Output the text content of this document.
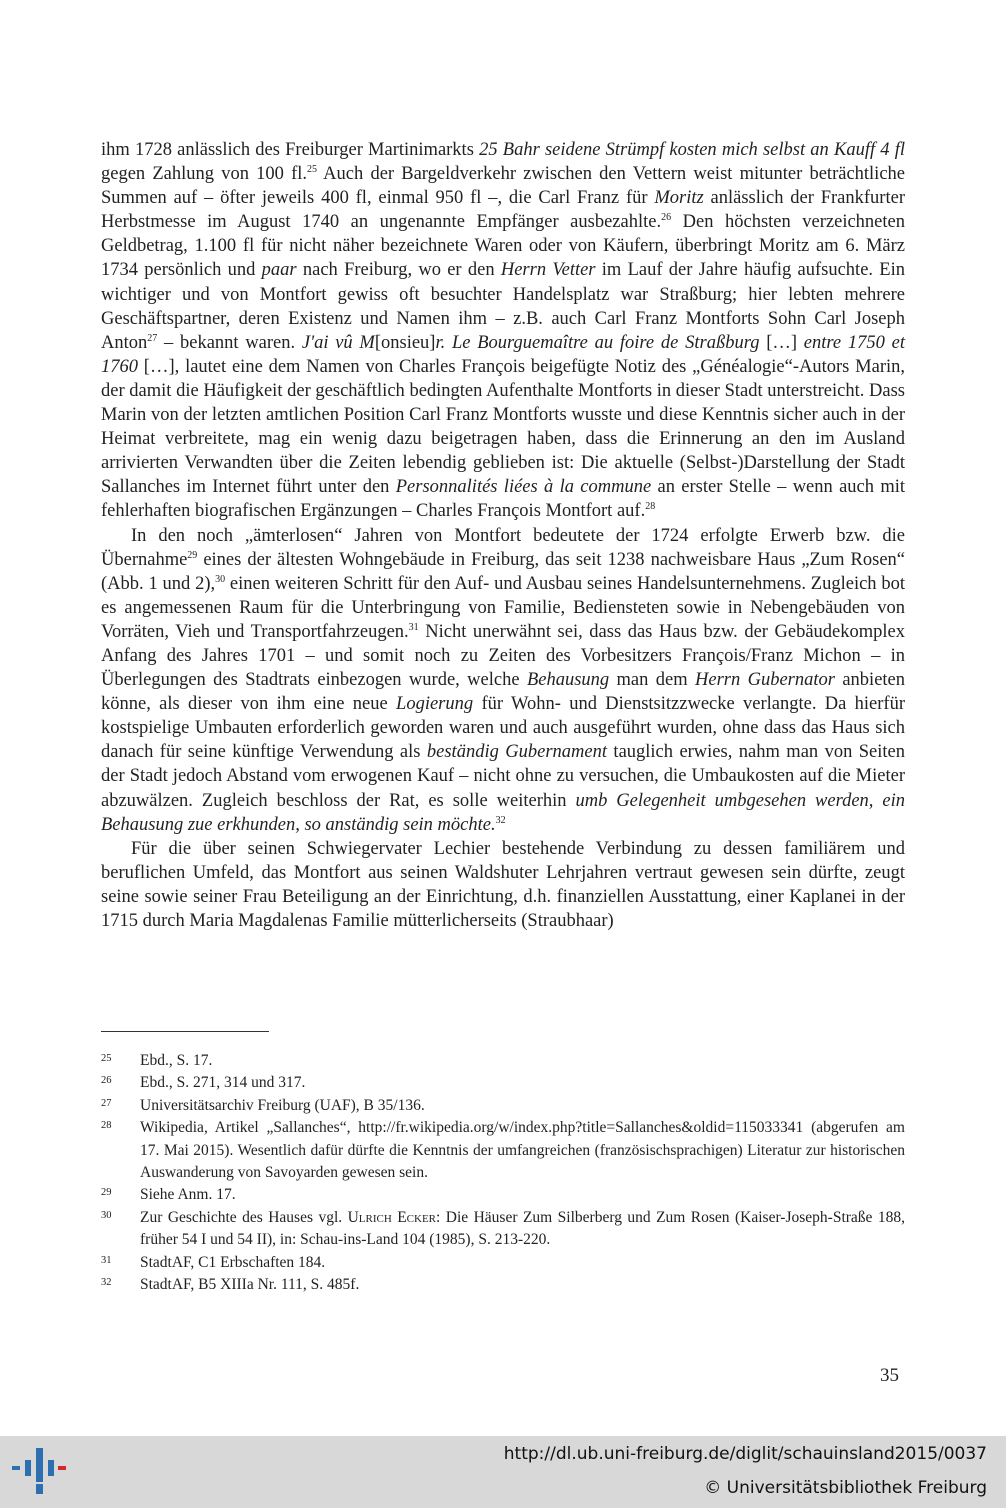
ihm 1728 anlässlich des Freiburger Martinimarkts 25 Bahr seidene Strümpf kosten mich selbst an Kauff 4 fl gegen Zahlung von 100 fl.$^{25}$ Auch der Bargeldverkehr zwischen den Vettern weist mitunter beträchtliche Summen auf – öfter jeweils 400 fl, einmal 950 fl –, die Carl Franz für Moritz anlässlich der Frankfurter Herbstmesse im August 1740 an ungenannte Empfänger ausbezahlte.$^{26}$ Den höchsten verzeichneten Geldbetrag, 1.100 fl für nicht näher bezeichnete Waren oder von Käufern, überbringt Moritz am 6. März 1734 persönlich und paar nach Freiburg, wo er den Herrn Vetter im Lauf der Jahre häufig aufsuchte. Ein wichtiger und von Montfort gewiss oft besuchter Handelsplatz war Straßburg; hier lebten mehrere Geschäftspartner, deren Existenz und Namen ihm – z.B. auch Carl Franz Montforts Sohn Carl Joseph Anton$^{27}$ – bekannt waren. J'ai vû M[onsieu]r. Le Bourguemaître au foire de Straßburg […] entre 1750 et 1760 […], lautet eine dem Namen von Charles François beigefügte Notiz des „Généalogie“-Autors Marin, der damit die Häufigkeit der geschäftlich bedingten Aufenthalte Montforts in dieser Stadt unterstreicht. Dass Marin von der letzten amtlichen Position Carl Franz Montforts wusste und diese Kenntnis sicher auch in der Heimat verbreitete, mag ein wenig dazu beigetragen haben, dass die Erinnerung an den im Ausland arrivierten Verwandten über die Zeiten lebendig geblieben ist: Die aktuelle (Selbst-)Darstellung der Stadt Sallanches im Internet führt unter den Personnalités liées à la commune an erster Stelle – wenn auch mit fehlerhaften biografischen Ergänzungen – Charles François Montfort auf.$^{28}$

In den noch „ämterlosen“ Jahren von Montfort bedeutete der 1724 erfolgte Erwerb bzw. die Übernahme$^{29}$ eines der ältesten Wohngebäude in Freiburg, das seit 1238 nachweisbare Haus „Zum Rosen“ (Abb. 1 und 2),$^{30}$ einen weiteren Schritt für den Auf- und Ausbau seines Handelsunternehmens. Zugleich bot es angemessenen Raum für die Unterbringung von Familie, Bediensteten sowie in Nebengebäuden von Vorräten, Vieh und Transportfahrzeugen.$^{31}$ Nicht unerwähnt sei, dass das Haus bzw. der Gebäudekomplex Anfang des Jahres 1701 – und somit noch zu Zeiten des Vorbesitzers François/Franz Michon – in Überlegungen des Stadtrats einbezogen wurde, welche Behausung man dem Herrn Gubernator anbieten könne, als dieser von ihm eine neue Logierung für Wohn- und Dienstsitzzwecke verlangte. Da hierfür kostspielige Umbauten erforderlich geworden waren und auch ausgeführt wurden, ohne dass das Haus sich danach für seine künftige Verwendung als beständig Gubernament tauglich erwies, nahm man von Seiten der Stadt jedoch Abstand vom erwogenen Kauf – nicht ohne zu versuchen, die Umbaukosten auf die Mieter abzuwälzen. Zugleich beschloss der Rat, es solle weiterhin umb Gelegenheit umbgesehen werden, ein Behausung zue erkhunden, so anständig sein möchte.$^{32}$

Für die über seinen Schwiegervater Lechier bestehende Verbindung zu dessen familiärem und beruflichen Umfeld, das Montfort aus seinen Waldshuter Lehrjahren vertraut gewesen sein dürfte, zeugt seine sowie seiner Frau Beteiligung an der Einrichtung, d.h. finanziellen Ausstattung, einer Kaplanei in der 1715 durch Maria Magdalenas Familie mütterlicherseits (Straubhaar)

25	Ebd., S. 17.
26	Ebd., S. 271, 314 und 317.
27	Universitätsarchiv Freiburg (UAF), B 35/136.
28	Wikipedia, Artikel „Sallanches“, http://fr.wikipedia.org/w/index.php?title=Sallanches&oldid=115033341 (abgerufen am 17. Mai 2015). Wesentlich dafür dürfte die Kenntnis der umfangreichen (französischsprachigen) Literatur zur historischen Auswanderung von Savoyarden gewesen sein.
29	Siehe Anm. 17.
30	Zur Geschichte des Hauses vgl. Ulrich Ecker: Die Häuser Zum Silberberg und Zum Rosen (Kaiser-Joseph-Straße 188, früher 54 I und 54 II), in: Schau-ins-Land 104 (1985), S. 213-220.
31	StadtAF, C1 Erbschaften 184.
32	StadtAF, B5 XIIIa Nr. 111, S. 485f.
35
http://dl.ub.uni-freiburg.de/diglit/schauinsland2015/0037
© Universitätsbibliothek Freiburg
